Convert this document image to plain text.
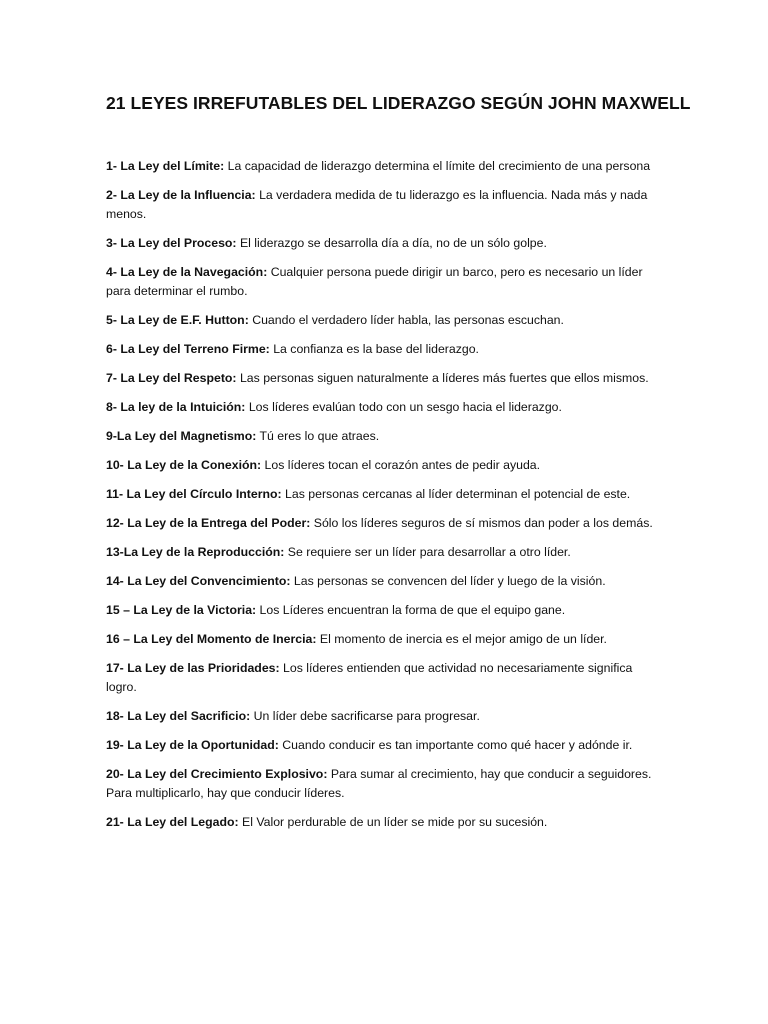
21 LEYES IRREFUTABLES DEL LIDERAZGO SEGÚN JOHN MAXWELL
1- La Ley del Límite: La capacidad de liderazgo determina el límite del crecimiento de una persona
2- La Ley de la Influencia: La verdadera medida de tu liderazgo es la influencia. Nada más y nada menos.
3- La Ley del Proceso: El liderazgo se desarrolla día a día, no de un sólo golpe.
4- La Ley de la Navegación: Cualquier persona puede dirigir un barco, pero es necesario un líder para determinar el rumbo.
5- La Ley de E.F. Hutton: Cuando el verdadero líder habla, las personas escuchan.
6- La Ley del Terreno Firme: La confianza es la base del liderazgo.
7- La Ley del Respeto: Las personas siguen naturalmente a líderes más fuertes que ellos mismos.
8- La ley de la Intuición: Los líderes evalúan todo con un sesgo hacia el liderazgo.
9-La Ley del Magnetismo: Tú eres lo que atraes.
10- La Ley de la Conexión: Los líderes tocan el corazón antes de pedir ayuda.
11- La Ley del Círculo Interno: Las personas cercanas al líder determinan el potencial de este.
12- La Ley de la Entrega del Poder: Sólo los líderes seguros de sí mismos dan poder a los demás.
13-La Ley de la Reproducción: Se requiere ser un líder para desarrollar a otro líder.
14- La Ley del Convencimiento: Las personas se convencen del líder y luego de la visión.
15 – La Ley de la Victoria: Los Líderes encuentran la forma de que el equipo gane.
16 – La Ley del Momento de Inercia: El momento de inercia es el mejor amigo de un líder.
17- La Ley de las Prioridades: Los líderes entienden que actividad no necesariamente significa logro.
18- La Ley del Sacrificio: Un líder debe sacrificarse para progresar.
19- La Ley de la Oportunidad: Cuando conducir es tan importante como qué hacer y adónde ir.
20- La Ley del Crecimiento Explosivo: Para sumar al crecimiento, hay que conducir a seguidores. Para multiplicarlo, hay que conducir líderes.
21- La Ley del Legado: El Valor perdurable de un líder se mide por su sucesión.
